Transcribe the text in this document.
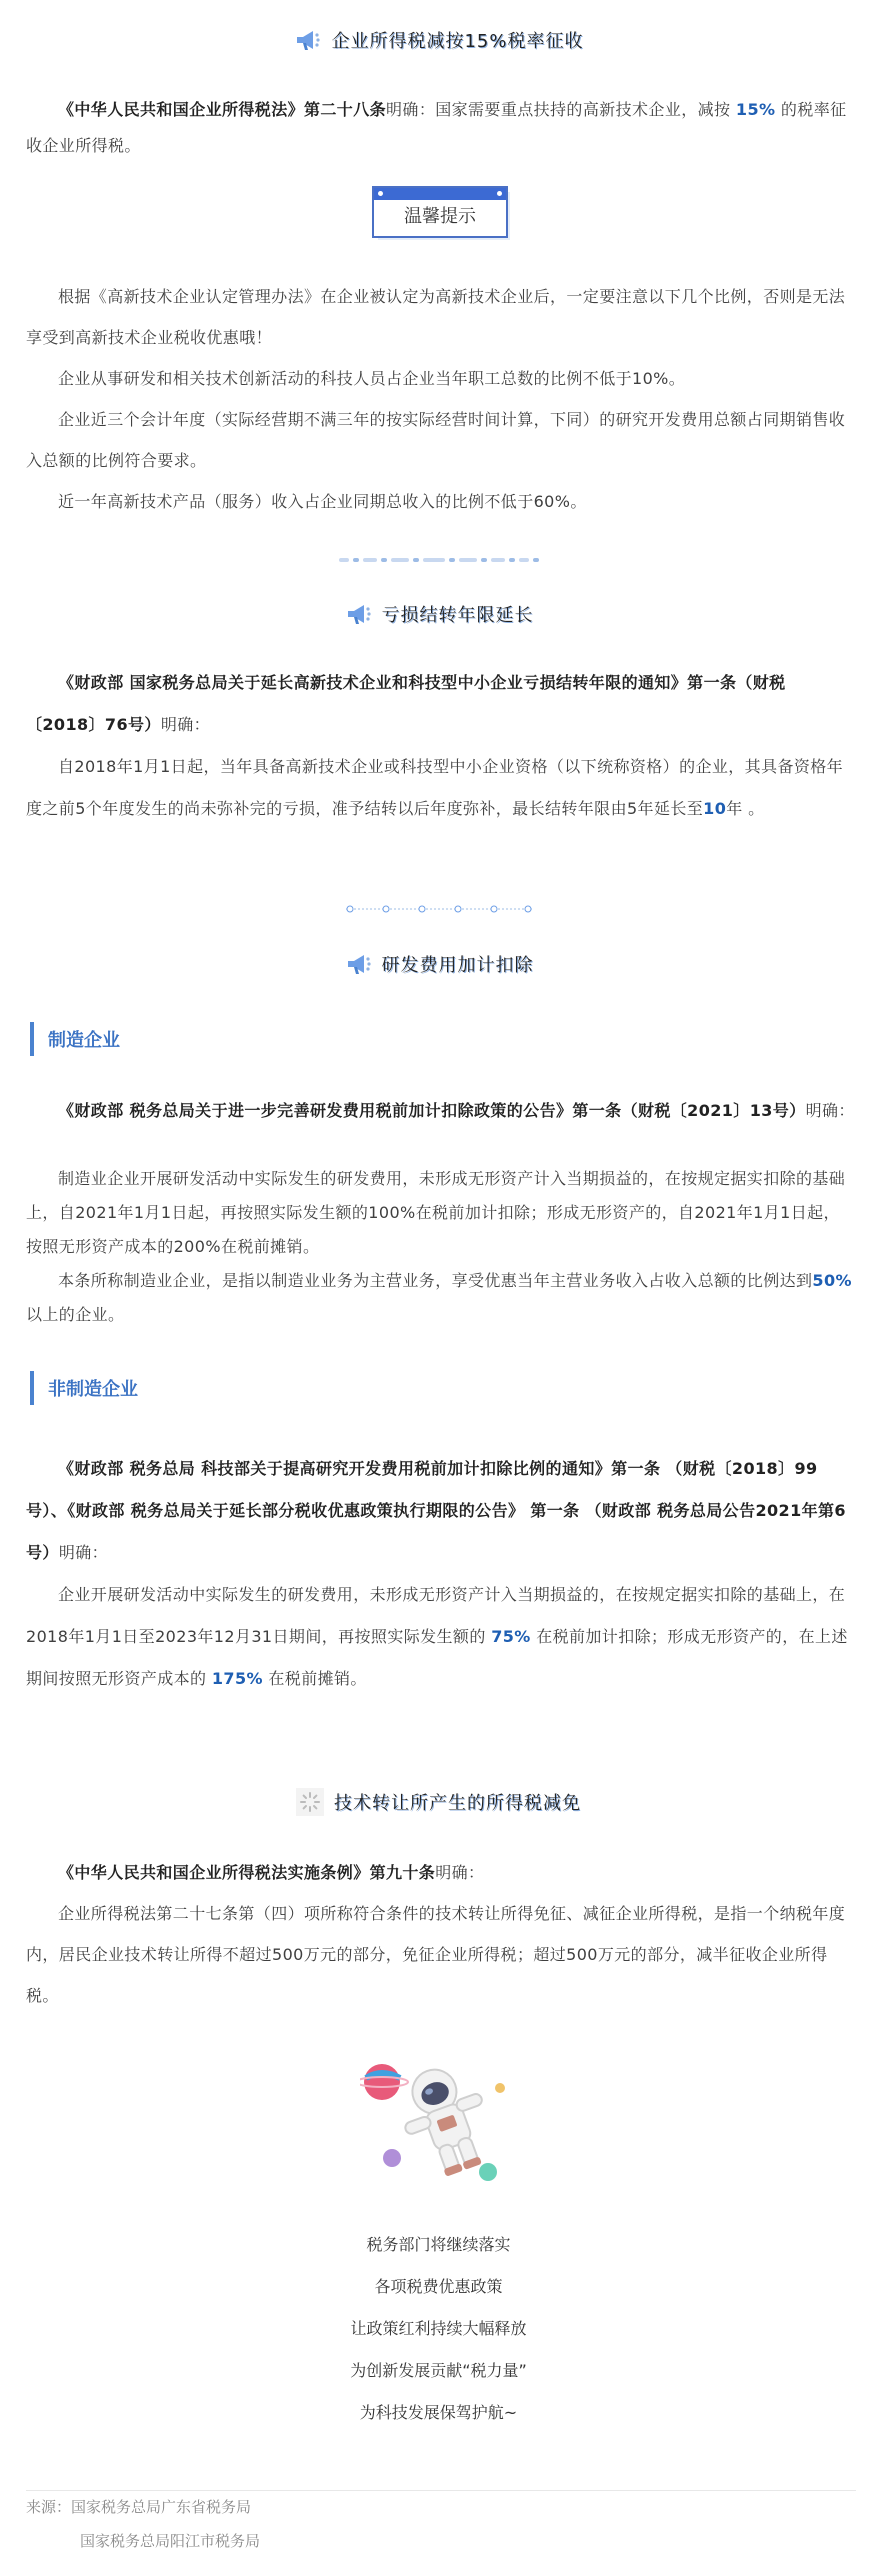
企业所得税减按15%税率征收
《中华人民共和国企业所得税法》第二十八条明确：国家需要重点扶持的高新技术企业，减按 15% 的税率征收企业所得税。
温馨提示
根据《高新技术企业认定管理办法》在企业被认定为高新技术企业后，一定要注意以下几个比例，否则是无法享受到高新技术企业税收优惠哦！
企业从事研发和相关技术创新活动的科技人员占企业当年职工总数的比例不低于10%。
企业近三个会计年度（实际经营期不满三年的按实际经营时间计算，下同）的研究开发费用总额占同期销售收入总额的比例符合要求。
近一年高新技术产品（服务）收入占企业同期总收入的比例不低于60%。
亏损结转年限延长
《财政部 国家税务总局关于延长高新技术企业和科技型中小企业亏损结转年限的通知》第一条（财税〔2018〕76号）明确：
自2018年1月1日起，当年具备高新技术企业或科技型中小企业资格（以下统称资格）的企业，其具备资格年度之前5个年度发生的尚未弥补完的亏损，准予结转以后年度弥补，最长结转年限由5年延长至10年 。
研发费用加计扣除
制造企业
《财政部 税务总局关于进一步完善研发费用税前加计扣除政策的公告》第一条（财税〔2021〕13号）明确：
制造业企业开展研发活动中实际发生的研发费用，未形成无形资产计入当期损益的，在按规定据实扣除的基础上，自2021年1月1日起，再按照实际发生额的100%在税前加计扣除；形成无形资产的，自2021年1月1日起，按照无形资产成本的200%在税前摊销。
本条所称制造业企业，是指以制造业业务为主营业务，享受优惠当年主营业务收入占收入总额的比例达到50%以上的企业。
非制造企业
《财政部 税务总局 科技部关于提高研究开发费用税前加计扣除比例的通知》第一条 （财税〔2018〕99号）、《财政部 税务总局关于延长部分税收优惠政策执行期限的公告》 第一条 （财政部 税务总局公告2021年第6号）明确：
企业开展研发活动中实际发生的研发费用，未形成无形资产计入当期损益的，在按规定据实扣除的基础上，在2018年1月1日至2023年12月31日期间，再按照实际发生额的 75% 在税前加计扣除；形成无形资产的，在上述期间按照无形资产成本的 175% 在税前摊销。
技术转让所产生的所得税减免
《中华人民共和国企业所得税法实施条例》第九十条明确：
企业所得税法第二十七条第（四）项所称符合条件的技术转让所得免征、减征企业所得税，是指一个纳税年度内，居民企业技术转让所得不超过500万元的部分，免征企业所得税；超过500万元的部分，减半征收企业所得税。
税务部门将继续落实
各项税费优惠政策
让政策红利持续大幅释放
为创新发展贡献“税力量”
为科技发展保驾护航~
来源：国家税务总局广东省税务局
国家税务总局阳江市税务局
